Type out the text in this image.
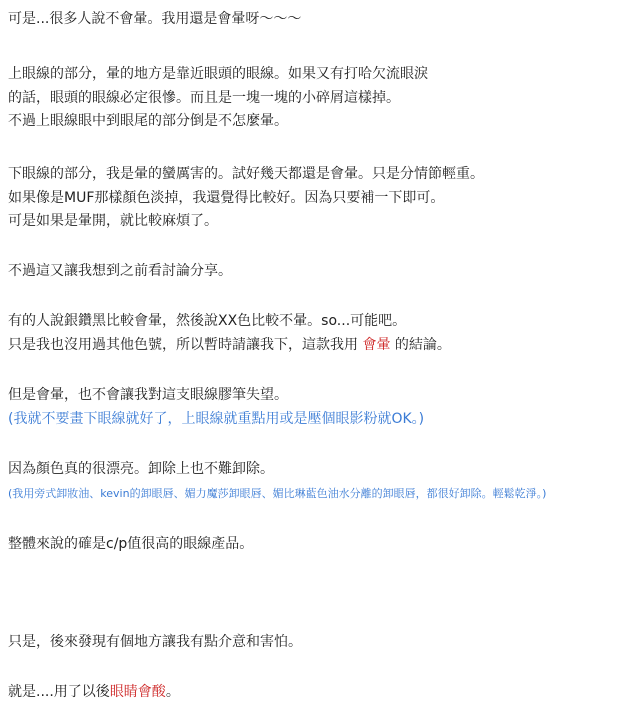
可是...很多人說不會暈。我用還是會暈呀～～～
上眼線的部分，暈的地方是靠近眼頭的眼線。如果又有打哈欠流眼淚
的話，眼頭的眼線必定很慘。而且是一塊一塊的小碎屑這樣掉。
不過上眼線眼中到眼尾的部分倒是不怎麼暈。
下眼線的部分，我是暈的蠻厲害的。試好幾天都還是會暈。只是分情節輕重。
如果像是MUF那樣顏色淡掉，我還覺得比較好。因為只要補一下即可。
可是如果是暈開，就比較麻煩了。
不過這又讓我想到之前看討論分享。
有的人說銀鑽黑比較會暈，然後說XX色比較不暈。so...可能吧。
只是我也沒用過其他色號，所以暫時請讓我下，這款我用 會暈 的結論。
但是會暈，也不會讓我對這支眼線膠筆失望。
(我就不要畫下眼線就好了，上眼線就重點用或是壓個眼影粉就OK。)
因為顏色真的很漂亮。卸除上也不難卸除。
(我用旁式卸妝油、kevin的卸眼唇、媚力魔莎卸眼唇、媚比琳藍色油水分離的卸眼唇，都很好卸除。輕鬆乾淨。)
整體來說的確是c/p值很高的眼線產品。
只是，後來發現有個地方讓我有點介意和害怕。
就是....用了以後眼睛會酸。
